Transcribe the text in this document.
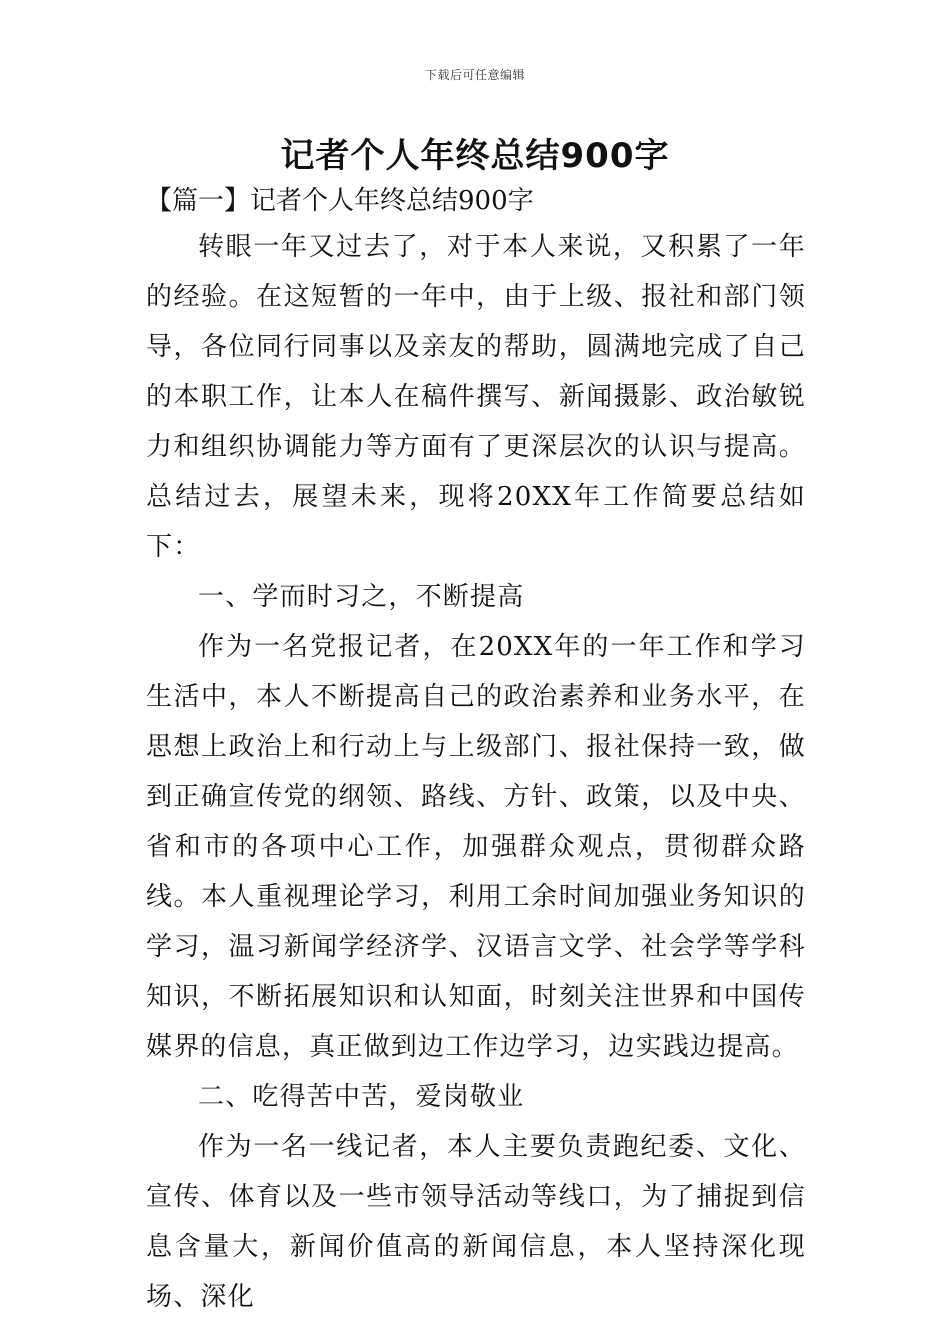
下载后可任意编辑
记者个人年终总结900字
【篇一】记者个人年终总结900字

转眼一年又过去了，对于本人来说，又积累了一年的经验。在这短暂的一年中，由于上级、报社和部门领导，各位同行同事以及亲友的帮助，圆满地完成了自己的本职工作，让本人在稿件撰写、新闻摄影、政治敏锐力和组织协调能力等方面有了更深层次的认识与提高。总结过去，展望未来，现将20XX年工作简要总结如下：

一、学而时习之，不断提高

作为一名党报记者，在20XX年的一年工作和学习生活中，本人不断提高自己的政治素养和业务水平，在思想上政治上和行动上与上级部门、报社保持一致，做到正确宣传党的纲领、路线、方针、政策，以及中央、省和市的各项中心工作，加强群众观点，贯彻群众路线。本人重视理论学习，利用工余时间加强业务知识的学习，温习新闻学经济学、汉语言文学、社会学等学科知识，不断拓展知识和认知面，时刻关注世界和中国传媒界的信息，真正做到边工作边学习，边实践边提高。

二、吃得苦中苦，爱岗敬业

作为一名一线记者，本人主要负责跑纪委、文化、宣传、体育以及一些市领导活动等线口，为了捕捉到信息含量大，新闻价值高的新闻信息，本人坚持深化现场、深化
